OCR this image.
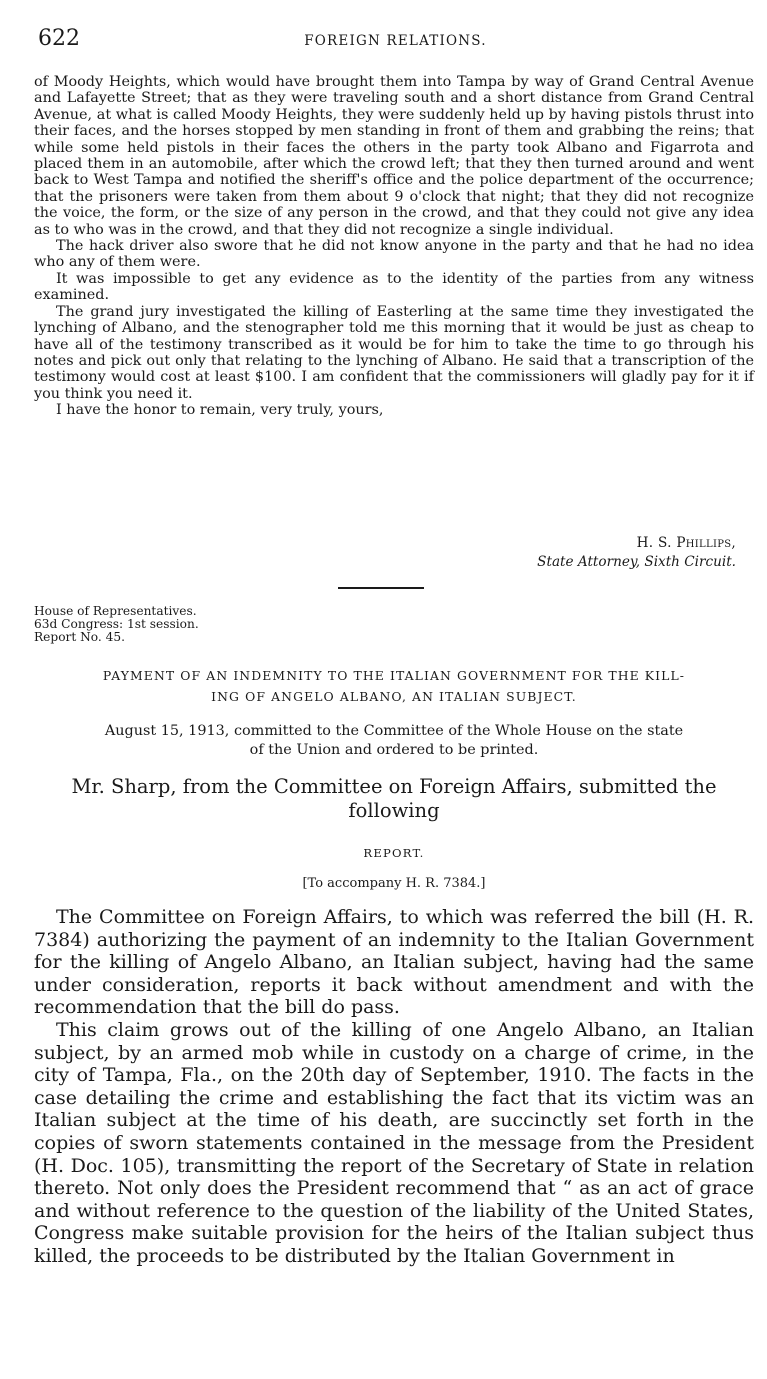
622	FOREIGN RELATIONS.

of Moody Heights, which would have brought them into Tampa by way of Grand Central Avenue and Lafayette Street; that as they were traveling south and a short distance from Grand Central Avenue, at what is called Moody Heights, they were suddenly held up by having pistols thrust into their faces, and the horses stopped by men standing in front of them and grabbing the reins; that while some held pistols in their faces the others in the party took Albano and Figarrota and placed them in an automobile, after which the crowd left; that they then turned around and went back to West Tampa and notified the sheriff's office and the police department of the occurrence; that the prisoners were taken from them about 9 o'clock that night; that they did not recognize the voice, the form, or the size of any person in the crowd, and that they could not give any idea as to who was in the crowd, and that they did not recognize a single individual.

The hack driver also swore that he did not know anyone in the party and that he had no idea who any of them were.

It was impossible to get any evidence as to the identity of the parties from any witness examined.

The grand jury investigated the killing of Easterling at the same time they investigated the lynching of Albano, and the stenographer told me this morning that it would be just as cheap to have all of the testimony transcribed as it would be for him to take the time to go through his notes and pick out only that relating to the lynching of Albano. He said that a transcription of the testimony would cost at least $100. I am confident that the commissioners will gladly pay for it if you think you need it.

I have the honor to remain, very truly, yours,

H. S. Phillips,
State Attorney, Sixth Circuit.
House of Representatives.
63d Congress: 1st session.
Report No. 45.
PAYMENT OF AN INDEMNITY TO THE ITALIAN GOVERNMENT FOR THE KILL-
ING OF ANGELO ALBANO, AN ITALIAN SUBJECT.
August 15, 1913, committed to the Committee of the Whole House on the state
of the Union and ordered to be printed.
Mr. Sharp, from the Committee on Foreign Affairs, submitted the
following
REPORT.
[To accompany H. R. 7384.]

The Committee on Foreign Affairs, to which was referred the bill (H. R. 7384) authorizing the payment of an indemnity to the Italian Government for the killing of Angelo Albano, an Italian subject, having had the same under consideration, reports it back without amendment and with the recommendation that the bill do pass.

This claim grows out of the killing of one Angelo Albano, an Italian subject, by an armed mob while in custody on a charge of crime, in the city of Tampa, Fla., on the 20th day of September, 1910. The facts in the case detailing the crime and establishing the fact that its victim was an Italian subject at the time of his death, are succinctly set forth in the copies of sworn statements contained in the message from the President (H. Doc. 105), transmitting the report of the Secretary of State in relation thereto. Not only does the President recommend that “ as an act of grace and without reference to the question of the liability of the United States, Congress make suitable provision for the heirs of the Italian subject thus killed, the proceeds to be distributed by the Italian Government in
